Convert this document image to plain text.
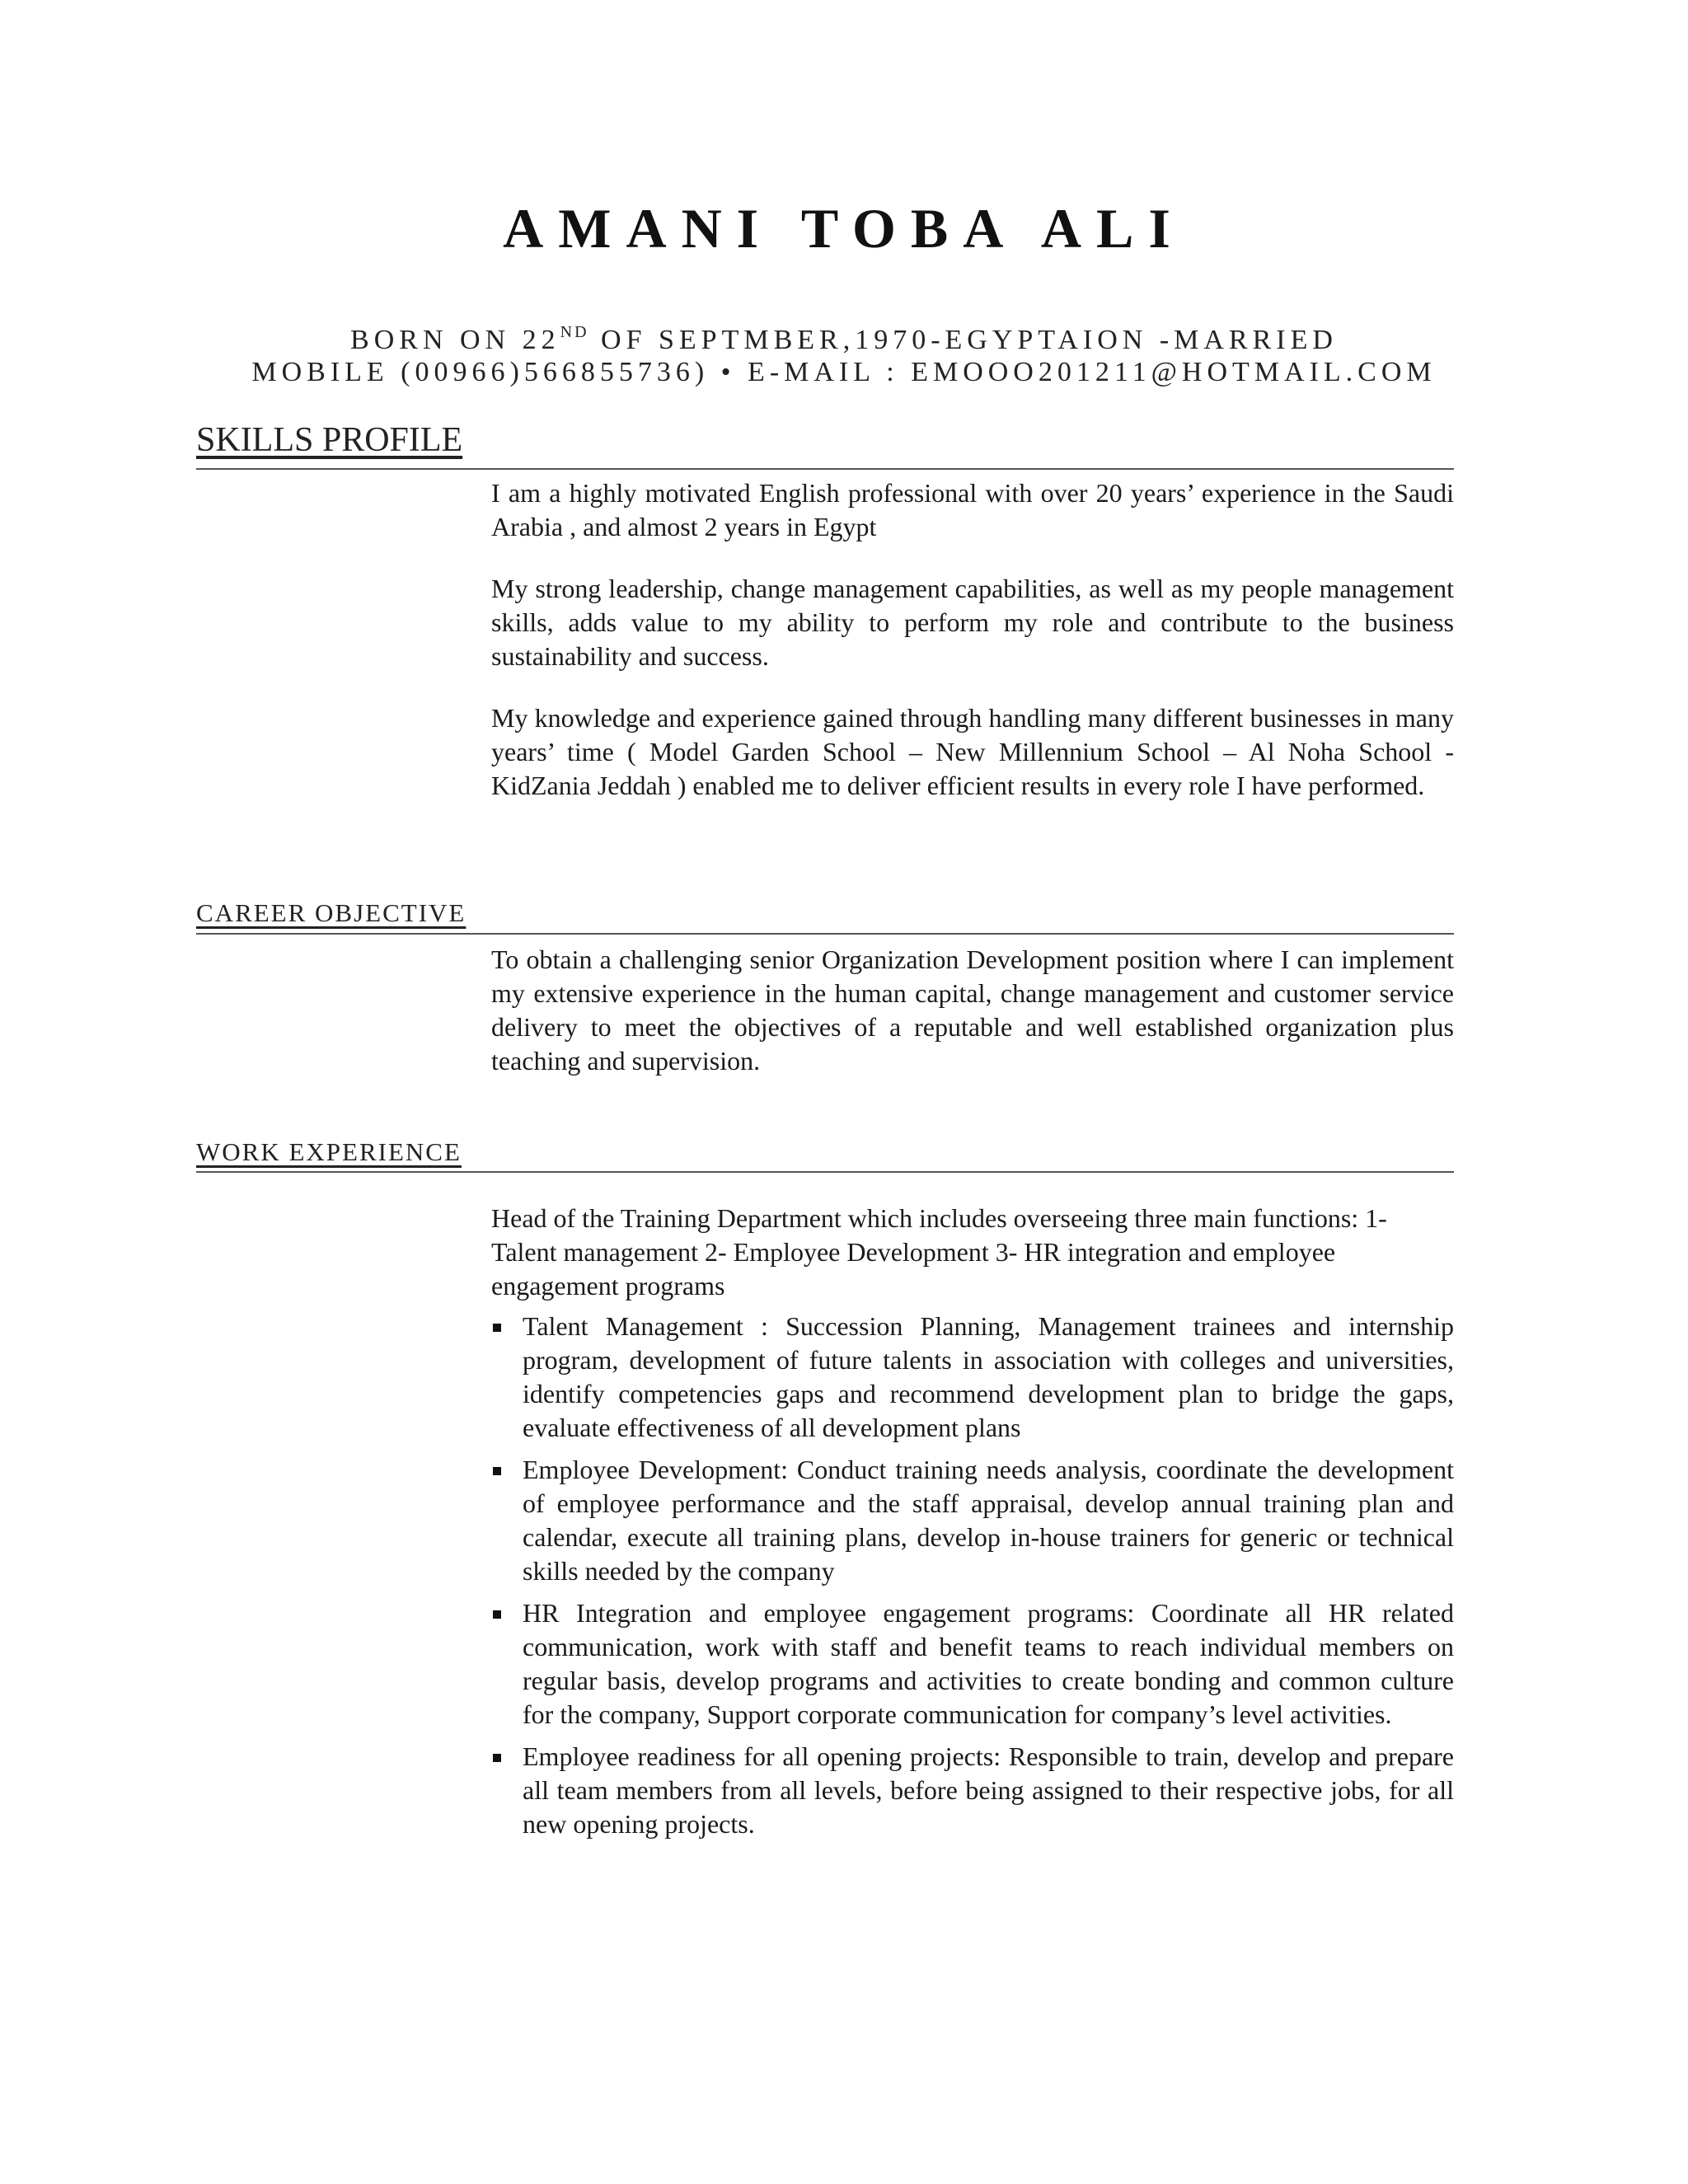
AMANI TOBA ALI
BORN ON 22ND OF SEPTMBER,1970-EGYPTAION -MARRIED
MOBILE (00966)566855736) • E-MAIL : EMOOO201211@HOTMAIL.COM
SKILLS PROFILE

I am a highly motivated English professional with over 20 years’ experience in the Saudi Arabia , and almost 2 years in Egypt

My strong leadership, change management capabilities, as well as my people management skills, adds value to my ability to perform my role and contribute to the business sustainability and success.

My knowledge and experience gained through handling many different businesses in many years’ time ( Model Garden School – New Millennium School – Al Noha School - KidZania Jeddah ) enabled me to deliver efficient results in every role I have performed.

CAREER OBJECTIVE

To obtain a challenging senior Organization Development position where I can implement my extensive experience in the human capital, change management and customer service delivery to meet the objectives of a reputable and well established organization plus teaching and supervision.

WORK EXPERIENCE

Head of the Training Department which includes overseeing three main functions: 1- Talent management 2- Employee Development 3- HR integration and employee engagement programs

Talent Management : Succession Planning, Management trainees and internship program, development of future talents in association with colleges and universities, identify competencies gaps and recommend development plan to bridge the gaps, evaluate effectiveness of all development plans
Employee Development: Conduct training needs analysis, coordinate the development of employee performance and the staff appraisal, develop annual training plan and calendar, execute all training plans, develop in-house trainers for generic or technical skills needed by the company
HR Integration and employee engagement programs: Coordinate all HR related communication, work with staff and benefit teams to reach individual members on regular basis, develop programs and activities to create bonding and common culture for the company, Support corporate communication for company’s level activities.
Employee readiness for all opening projects: Responsible to train, develop and prepare all team members from all levels, before being assigned to their respective jobs, for all new opening projects.
